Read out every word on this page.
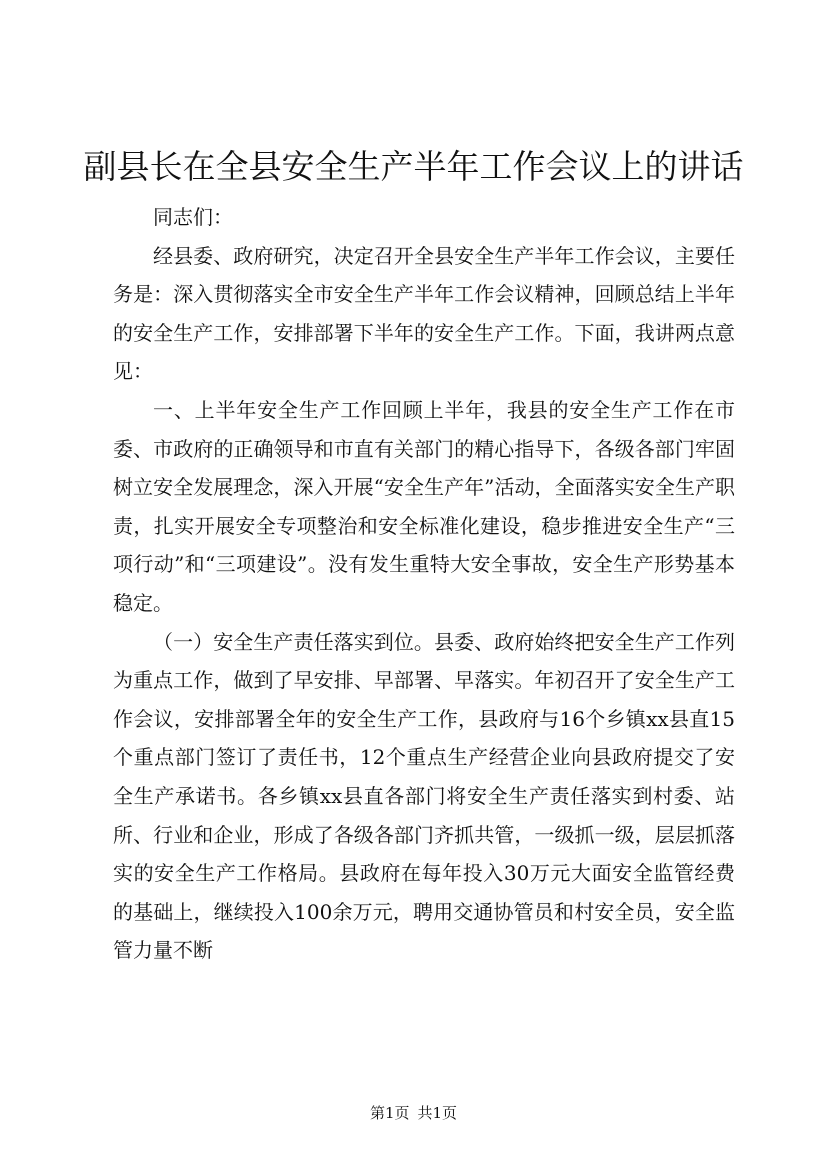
副县长在全县安全生产半年工作会议上的讲话

同志们：

经县委、政府研究，决定召开全县安全生产半年工作会议，主要任务是：深入贯彻落实全市安全生产半年工作会议精神，回顾总结上半年的安全生产工作，安排部署下半年的安全生产工作。下面，我讲两点意见：

一、上半年安全生产工作回顾上半年，我县的安全生产工作在市委、市政府的正确领导和市直有关部门的精心指导下，各级各部门牢固树立安全发展理念，深入开展“安全生产年”活动，全面落实安全生产职责，扎实开展安全专项整治和安全标准化建设，稳步推进安全生产“三项行动”和“三项建设”。没有发生重特大安全事故，安全生产形势基本稳定。

（一）安全生产责任落实到位。县委、政府始终把安全生产工作列为重点工作，做到了早安排、早部署、早落实。年初召开了安全生产工作会议，安排部署全年的安全生产工作，县政府与16个乡镇xx县直15个重点部门签订了责任书，12个重点生产经营企业向县政府提交了安全生产承诺书。各乡镇xx县直各部门将安全生产责任落实到村委、站所、行业和企业，形成了各级各部门齐抓共管，一级抓一级，层层抓落实的安全生产工作格局。县政府在每年投入30万元大面安全监管经费的基础上，继续投入100余万元，聘用交通协管员和村安全员，安全监管力量不断

第1页 共1页
